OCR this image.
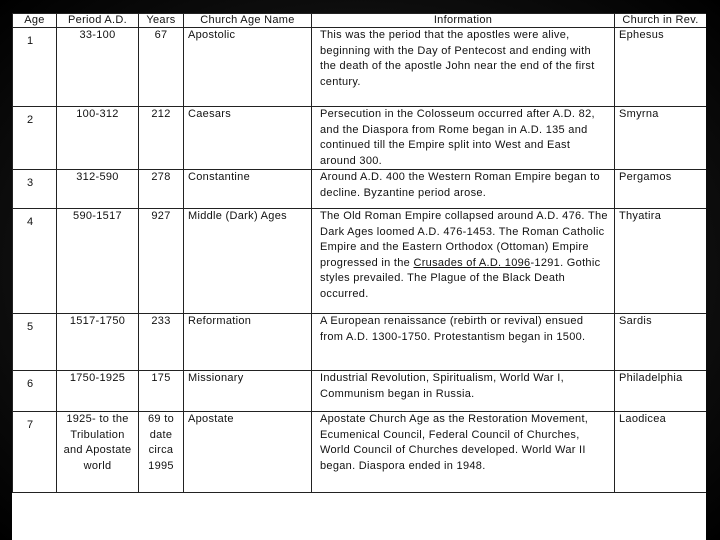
Age	Period A.D.	Years	Church Age Name	Information	Church in Rev.
1	33-100	67	Apostolic	This was the period that the apostles were alive, beginning with the Day of Pentecost and ending with the death of the apostle John near the end of the first century.	Ephesus
2	100-312	212	Caesars	Persecution in the Colosseum occurred after A.D. 82, and the Diaspora from Rome began in A.D. 135 and continued till the Empire split into West and East around 300.	Smyrna
3	312-590	278	Constantine	Around A.D. 400 the Western Roman Empire began to decline. Byzantine period arose.	Pergamos
4	590-1517	927	Middle (Dark) Ages	The Old Roman Empire collapsed around A.D. 476. The Dark Ages loomed A.D. 476-1453. The Roman Catholic Empire and the Eastern Orthodox (Ottoman) Empire progressed in the Crusades of A.D. 1096-1291. Gothic styles prevailed. The Plague of the Black Death occurred.	Thyatira
5	1517-1750	233	Reformation	A European renaissance (rebirth or revival) ensued from A.D. 1300-1750. Protestantism began in 1500.	Sardis
6	1750-1925	175	Missionary	Industrial Revolution, Spiritualism, World War I, Communism began in Russia.	Philadelphia
7	1925- to the Tribulation and Apostate world	69 to date circa 1995	Apostate	Apostate Church Age as the Restoration Movement, Ecumenical Council, Federal Council of Churches, World Council of Churches developed. World War II began. Diaspora ended in 1948.	Laodicea
